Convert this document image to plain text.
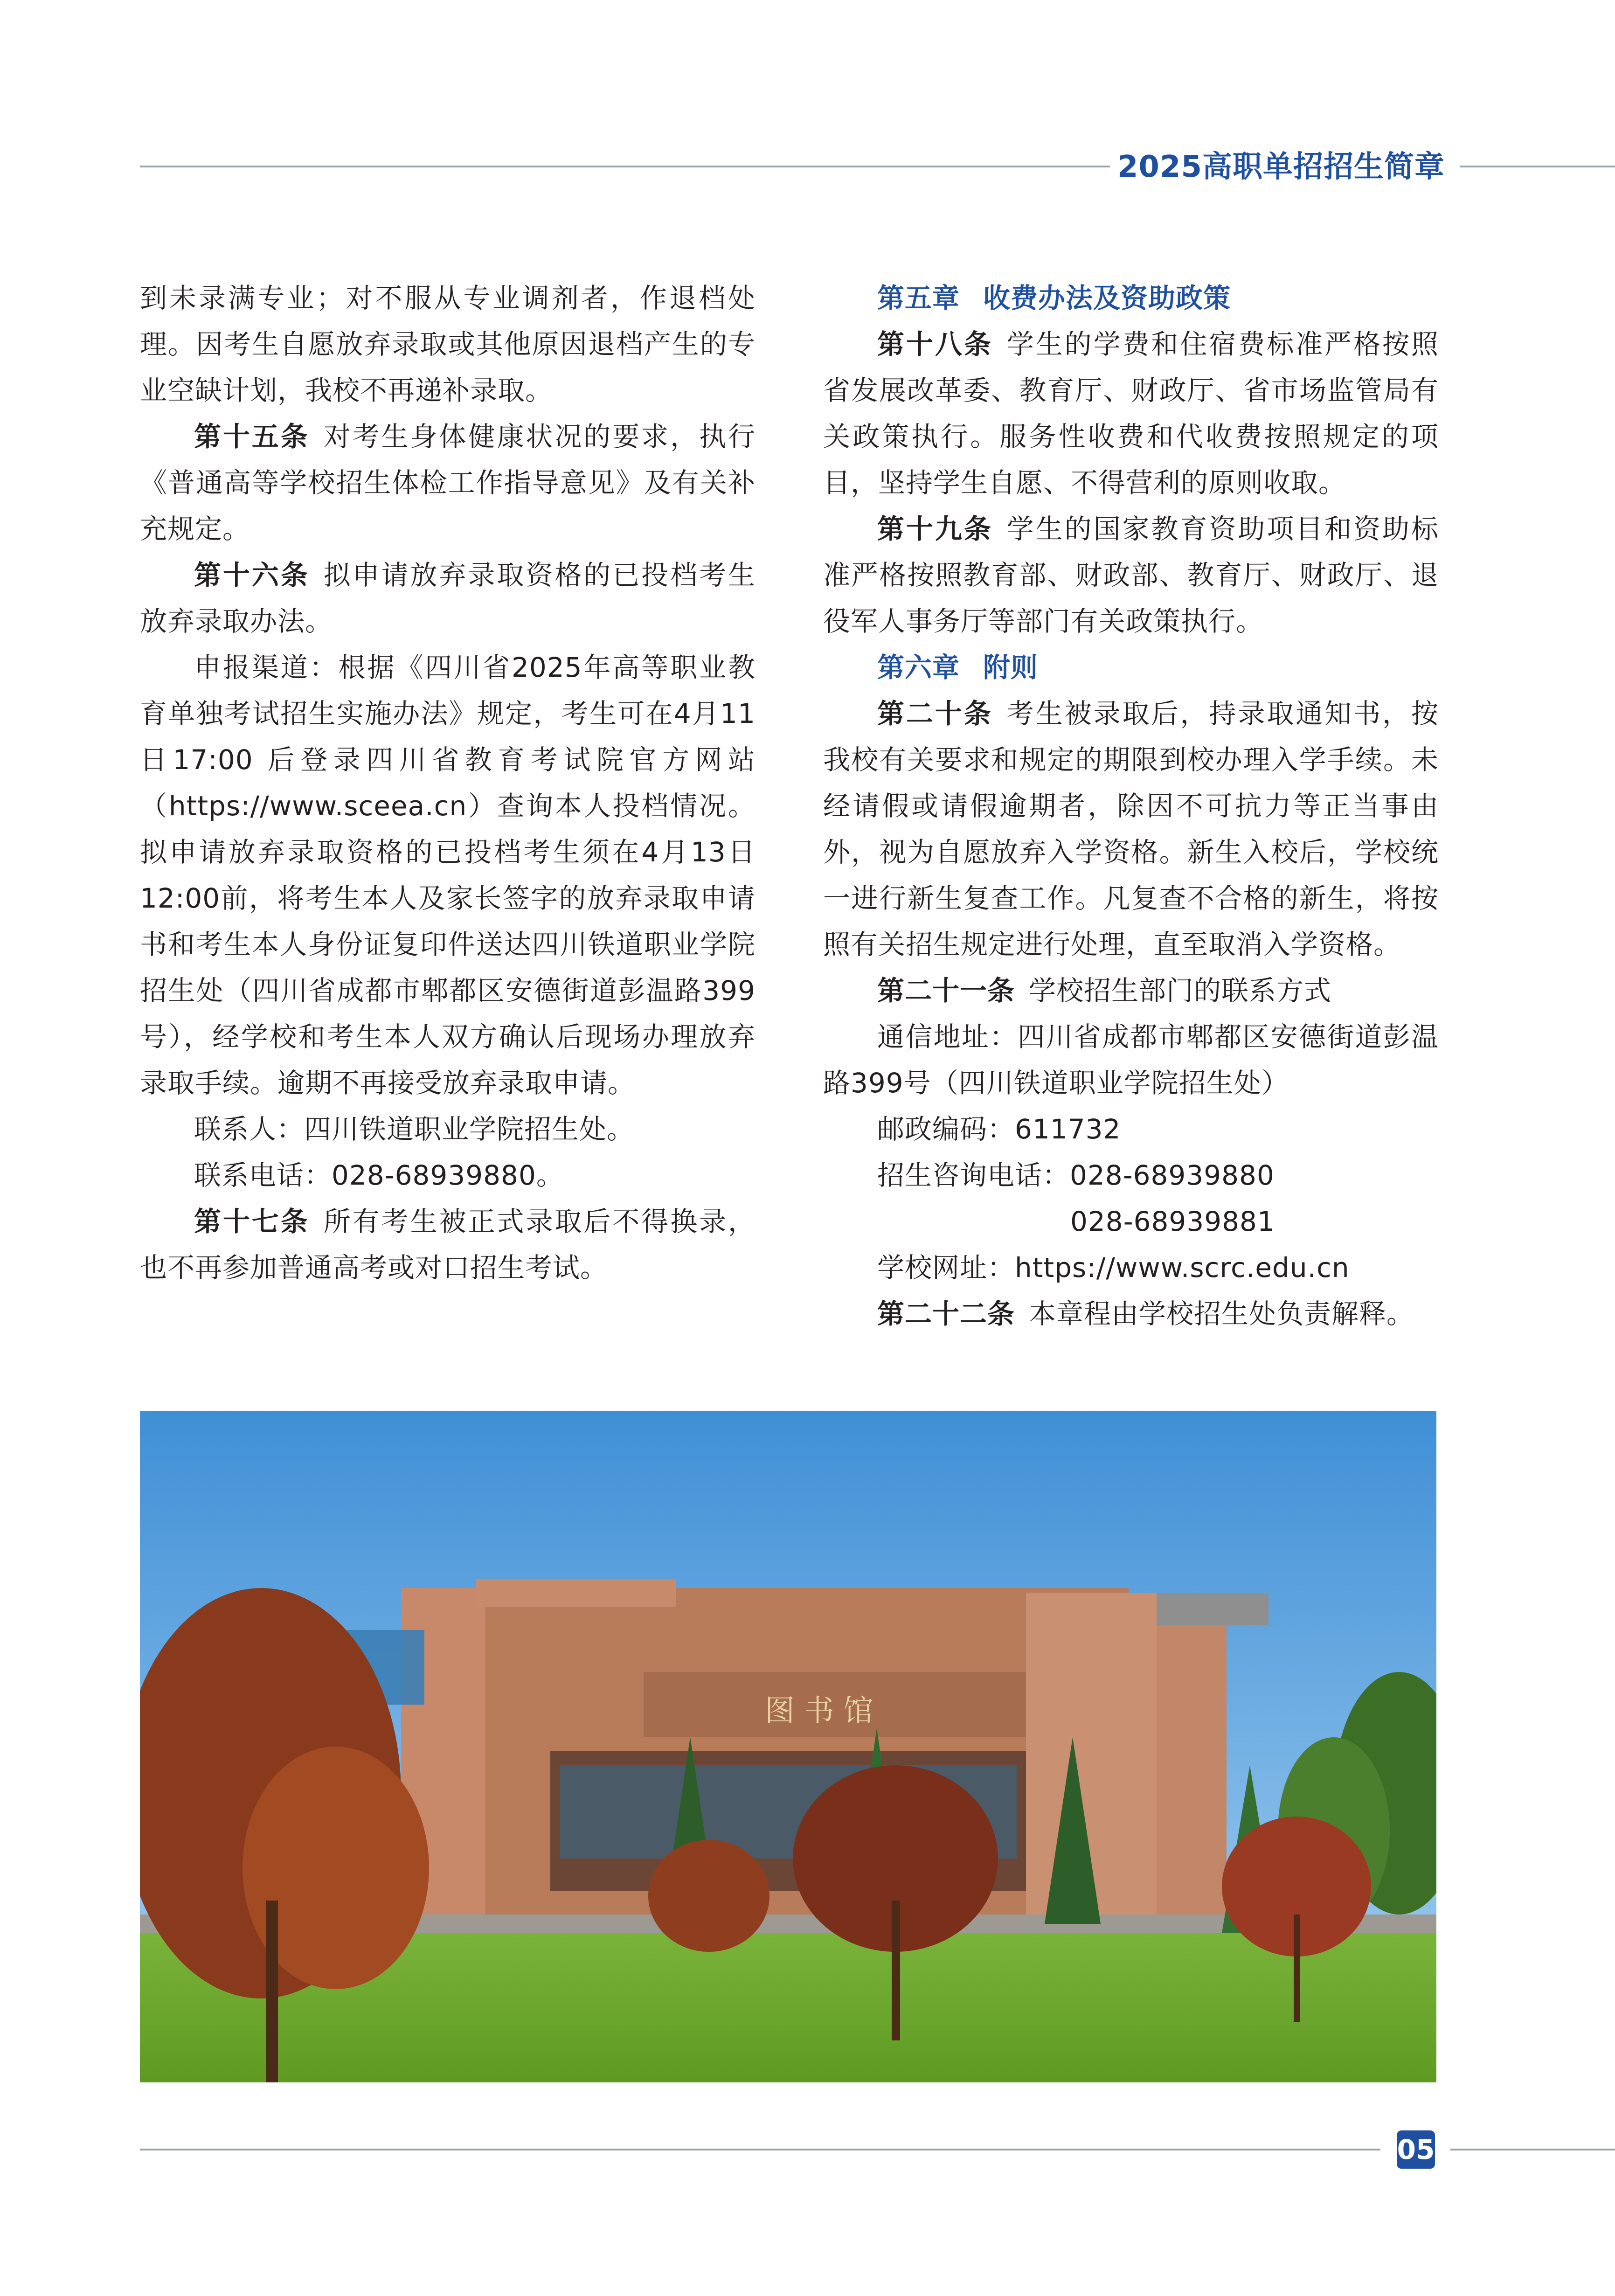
2025高职单招招生简章

到未录满专业；对不服从专业调剂者，作退档处理。因考生自愿放弃录取或其他原因退档产生的专业空缺计划，我校不再递补录取。

第十五条 对考生身体健康状况的要求，执行《普通高等学校招生体检工作指导意见》及有关补充规定。

第十六条 拟申请放弃录取资格的已投档考生放弃录取办法。

申报渠道：根据《四川省2025年高等职业教育单独考试招生实施办法》规定，考生可在4月11日17:00 后登录四川省教育考试院官方网站（https://www.sceea.cn）查询本人投档情况。拟申请放弃录取资格的已投档考生须在4月13日12:00前，将考生本人及家长签字的放弃录取申请书和考生本人身份证复印件送达四川铁道职业学院招生处（四川省成都市郫都区安德街道彭温路399号），经学校和考生本人双方确认后现场办理放弃录取手续。逾期不再接受放弃录取申请。

联系人：四川铁道职业学院招生处。

联系电话：028-68939880。

第十七条 所有考生被正式录取后不得换录，也不再参加普通高考或对口招生考试。

第五章 收费办法及资助政策

第十八条 学生的学费和住宿费标准严格按照省发展改革委、教育厅、财政厅、省市场监管局有关政策执行。服务性收费和代收费按照规定的项目，坚持学生自愿、不得营利的原则收取。

第十九条 学生的国家教育资助项目和资助标准严格按照教育部、财政部、教育厅、财政厅、退役军人事务厅等部门有关政策执行。

第六章 附则

第二十条 考生被录取后，持录取通知书，按我校有关要求和规定的期限到校办理入学手续。未经请假或请假逾期者，除因不可抗力等正当事由外，视为自愿放弃入学资格。新生入校后，学校统一进行新生复查工作。凡复查不合格的新生，将按照有关招生规定进行处理，直至取消入学资格。

第二十一条 学校招生部门的联系方式

通信地址：四川省成都市郫都区安德街道彭温路399号（四川铁道职业学院招生处）

邮政编码：611732

招生咨询电话：028-68939880

028-68939881

学校网址：https://www.scrc.edu.cn

第二十二条 本章程由学校招生处负责解释。

图 书 馆
05
